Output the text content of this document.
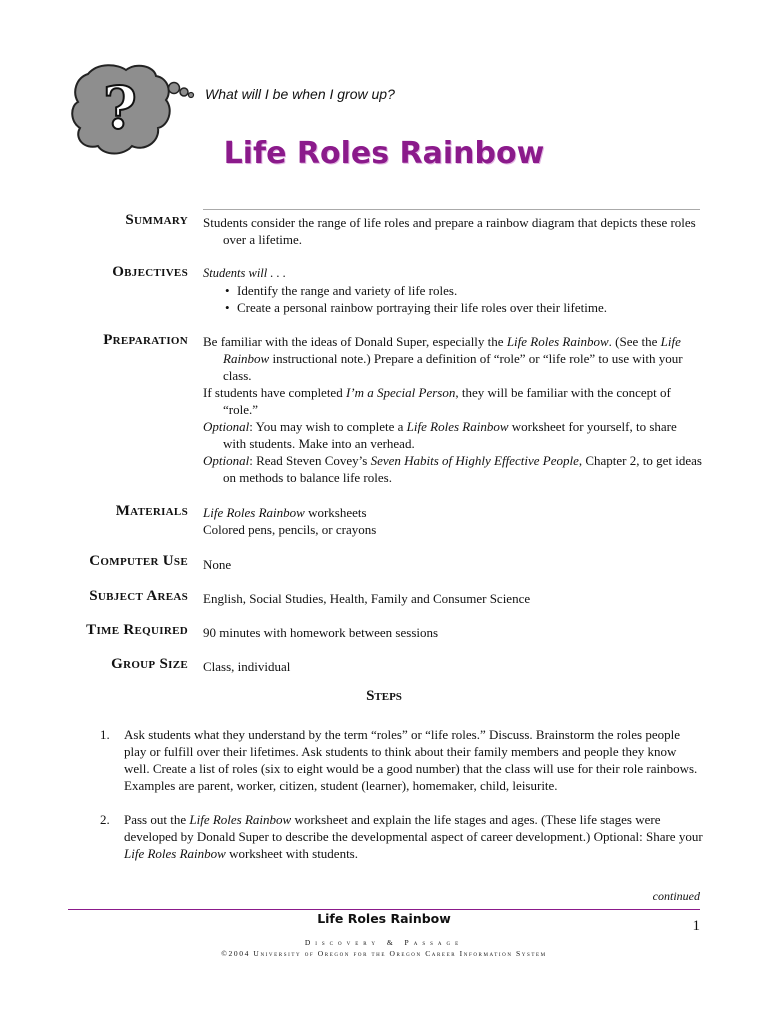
?	What will I be when I grow up?
Life Roles Rainbow
Summary Students consider the range of life roles and prepare a rainbow diagram that depicts these roles over a lifetime.

Objectives Students will . . .

• Identify the range and variety of life roles.

• Create a personal rainbow portraying their life roles over their lifetime.

Preparation Be familiar with the ideas of Donald Super, especially the Life Roles Rainbow. (See the Life Rainbow instructional note.) Prepare a definition of “role” or “life role” to use with your class.

If students have completed I’m a Special Person, they will be familiar with the concept of “role.”

Optional: You may wish to complete a Life Roles Rainbow worksheet for yourself, to share with students. Make into an verhead.

Optional: Read Steven Covey’s Seven Habits of Highly Effective People, Chapter 2, to get ideas on methods to balance life roles.

Materials Life Roles Rainbow worksheets
Colored pens, pencils, or crayons
Computer Use None
Subject Areas English, Social Studies, Health, Family and Consumer Science
Time Required 90 minutes with homework between sessions
Group Size Class, individual
Steps
1. Ask students what they understand by the term “roles” or “life roles.” Discuss. Brainstorm the roles people play or fulfill over their lifetimes. Ask students to think about their family members and people they know well. Create a list of roles (six to eight would be a good number) that the class will use for their role rainbows. Examples are parent, worker, citizen, student (learner), homemaker, child, leisurite.
2. Pass out the Life Roles Rainbow worksheet and explain the life stages and ages. (These life stages were developed by Donald Super to describe the developmental aspect of career development.) Optional: Share your Life Roles Rainbow worksheet with students.
continued
Life Roles Rainbow	1
Discovery & Passage
©2004 University of Oregon for the Oregon Career Information System
